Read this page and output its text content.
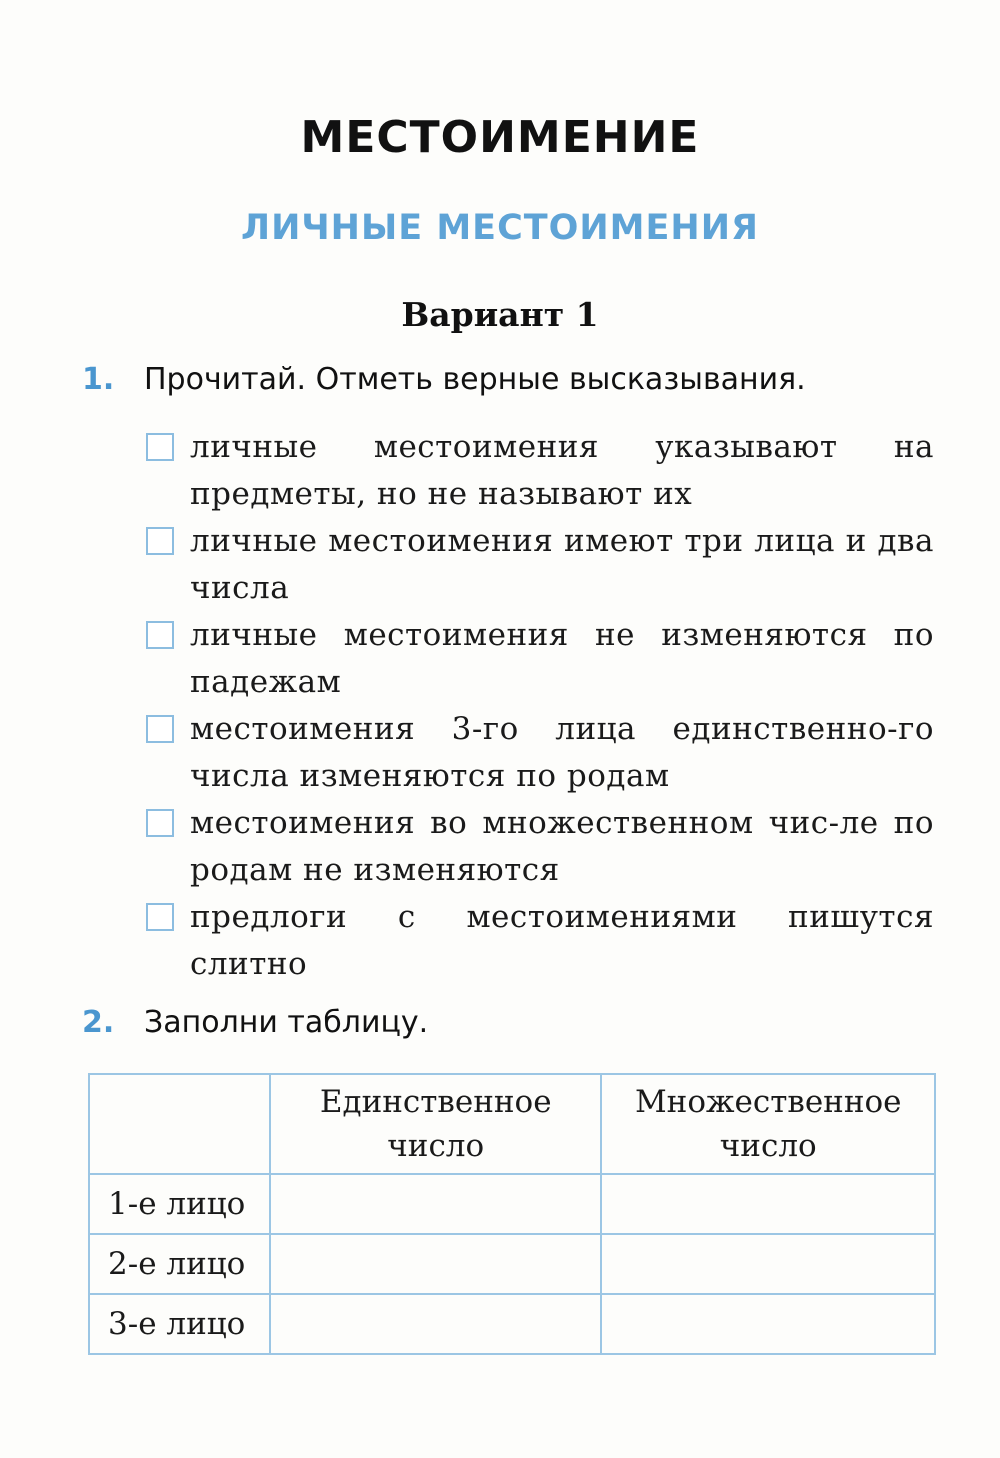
МЕСТОИМЕНИЕ
ЛИЧНЫЕ МЕСТОИМЕНИЯ
Вариант 1
1. Прочитай. Отметь верные высказывания.
личные местоимения указывают на предметы, но не называют их
личные местоимения имеют три лица и два числа
личные местоимения не изменяются по падежам
местоимения 3-го лица единственно-го числа изменяются по родам
местоимения во множественном чис-ле по родам не изменяются
предлоги с местоимениями пишутся слитно
2. Заполни таблицу.
	Единственное число	Множественное число
1-е лицо		
2-е лицо		
3-е лицо		
